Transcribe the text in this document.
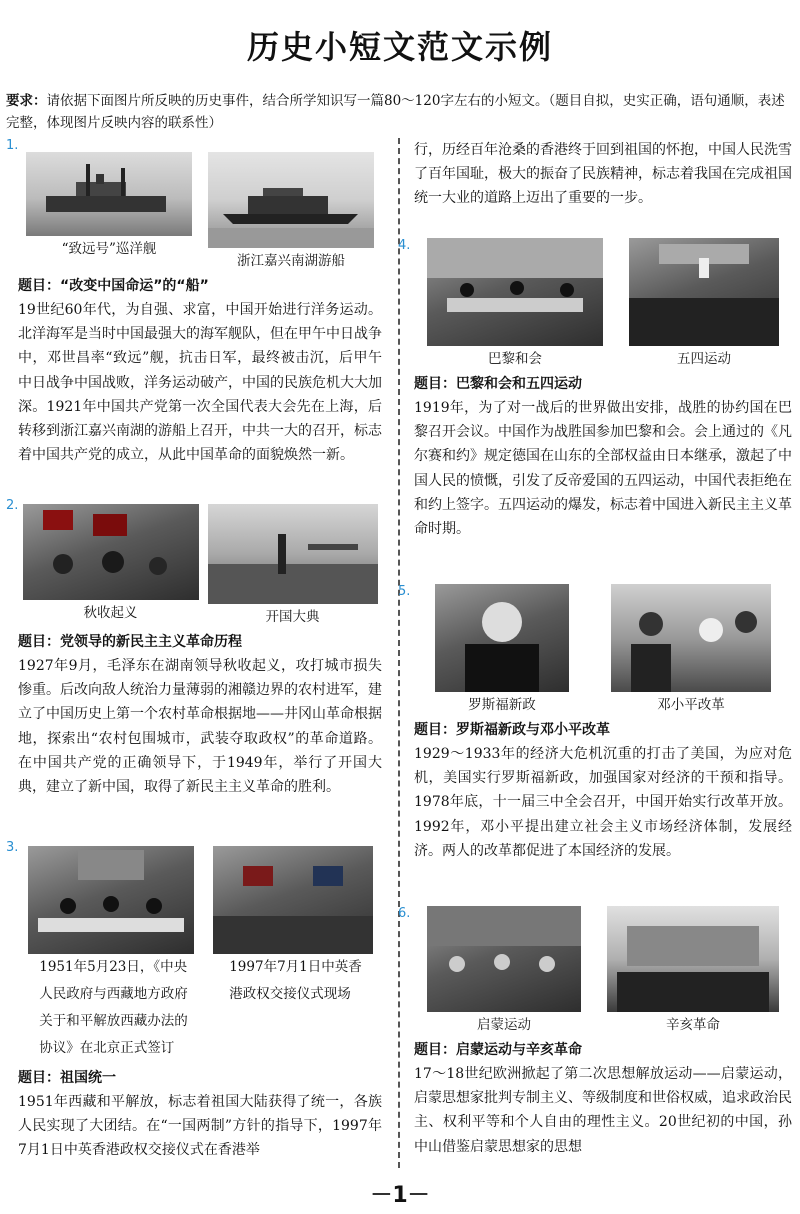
历史小短文范文示例
要求：请依据下面图片所反映的历史事件，结合所学知识写一篇80～120字左右的小短文。（题目自拟，史实正确，语句通顺，表述完整，体现图片反映内容的联系性）
1.
“致远号”巡洋舰
浙江嘉兴南湖游船
题目：“改变中国命运”的“船”
19世纪60年代，为自强、求富，中国开始进行洋务运动。北洋海军是当时中国最强大的海军舰队，但在甲午中日战争中，邓世昌率“致远”舰，抗击日军，最终被击沉，后甲午中日战争中国战败，洋务运动破产，中国的民族危机大大加深。1921年中国共产党第一次全国代表大会先在上海，后转移到浙江嘉兴南湖的游船上召开，中共一大的召开，标志着中国共产党的成立，从此中国革命的面貌焕然一新。
2.
秋收起义	开国大典
题目：党领导的新民主主义革命历程
1927年9月，毛泽东在湖南领导秋收起义，攻打城市损失惨重。后改向敌人统治力量薄弱的湘赣边界的农村进军，建立了中国历史上第一个农村革命根据地——井冈山革命根据地，探索出“农村包围城市，武装夺取政权”的革命道路。在中国共产党的正确领导下，于1949年，举行了开国大典，建立了新中国，取得了新民主主义革命的胜利。
3.
1951年5月23日，《中央
人民政府与西藏地方政府
关于和平解放西藏办法的
协议》在北京正式签订
1997年7月1日中英香
港政权交接仪式现场
题目：祖国统一
1951年西藏和平解放，标志着祖国大陆获得了统一，各族人民实现了大团结。在“一国两制”方针的指导下，1997年7月1日中英香港政权交接仪式在香港举
行，历经百年沧桑的香港终于回到祖国的怀抱，中国人民洗雪了百年国耻，极大的振奋了民族精神，标志着我国在完成祖国统一大业的道路上迈出了重要的一步。
4.
巴黎和会	五四运动
题目：巴黎和会和五四运动
1919年，为了对一战后的世界做出安排，战胜的协约国在巴黎召开会议。中国作为战胜国参加巴黎和会。会上通过的《凡尔赛和约》规定德国在山东的全部权益由日本继承，激起了中国人民的愤慨，引发了反帝爱国的五四运动，中国代表拒绝在和约上签字。五四运动的爆发，标志着中国进入新民主主义革命时期。
5.
罗斯福新政	邓小平改革
题目：罗斯福新政与邓小平改革
1929～1933年的经济大危机沉重的打击了美国，为应对危机，美国实行罗斯福新政，加强国家对经济的干预和指导。1978年底，十一届三中全会召开，中国开始实行改革开放。1992年，邓小平提出建立社会主义市场经济体制，发展经济。两人的改革都促进了本国经济的发展。
6.
启蒙运动	辛亥革命
题目：启蒙运动与辛亥革命
17～18世纪欧洲掀起了第二次思想解放运动——启蒙运动，启蒙思想家批判专制主义、等级制度和世俗权威，追求政治民主、权利平等和个人自由的理性主义。20世纪初的中国，孙中山借鉴启蒙思想家的思想
－1－
